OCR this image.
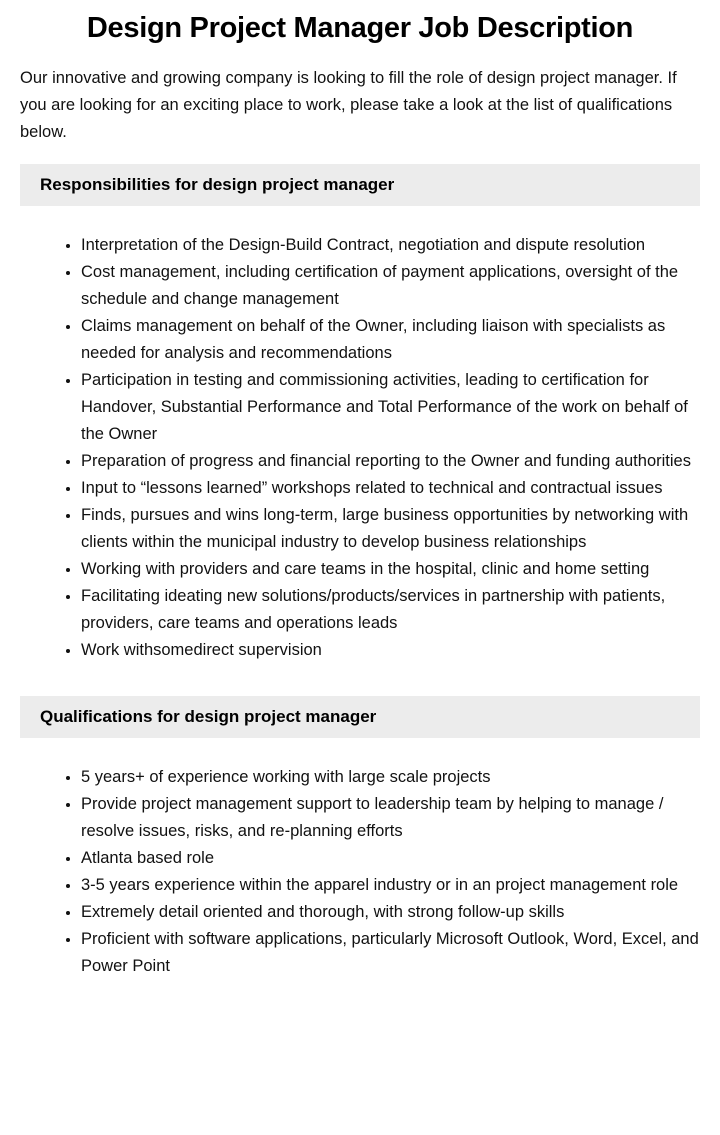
Design Project Manager Job Description

Our innovative and growing company is looking to fill the role of design project manager. If you are looking for an exciting place to work, please take a look at the list of qualifications below.

Responsibilities for design project manager
• Interpretation of the Design-Build Contract, negotiation and dispute resolution
• Cost management, including certification of payment applications, oversight of the schedule and change management
• Claims management on behalf of the Owner, including liaison with specialists as needed for analysis and recommendations
• Participation in testing and commissioning activities, leading to certification for Handover, Substantial Performance and Total Performance of the work on behalf of the Owner
• Preparation of progress and financial reporting to the Owner and funding authorities
• Input to “lessons learned” workshops related to technical and contractual issues
• Finds, pursues and wins long-term, large business opportunities by networking with clients within the municipal industry to develop business relationships
• Working with providers and care teams in the hospital, clinic and home setting
• Facilitating ideating new solutions/products/services in partnership with patients, providers, care teams and operations leads
• Work withsomedirect supervision
Qualifications for design project manager
• 5 years+ of experience working with large scale projects
• Provide project management support to leadership team by helping to manage / resolve issues, risks, and re-planning efforts
• Atlanta based role
• 3-5 years experience within the apparel industry or in an project management role
• Extremely detail oriented and thorough, with strong follow-up skills
• Proficient with software applications, particularly Microsoft Outlook, Word, Excel, and Power Point
